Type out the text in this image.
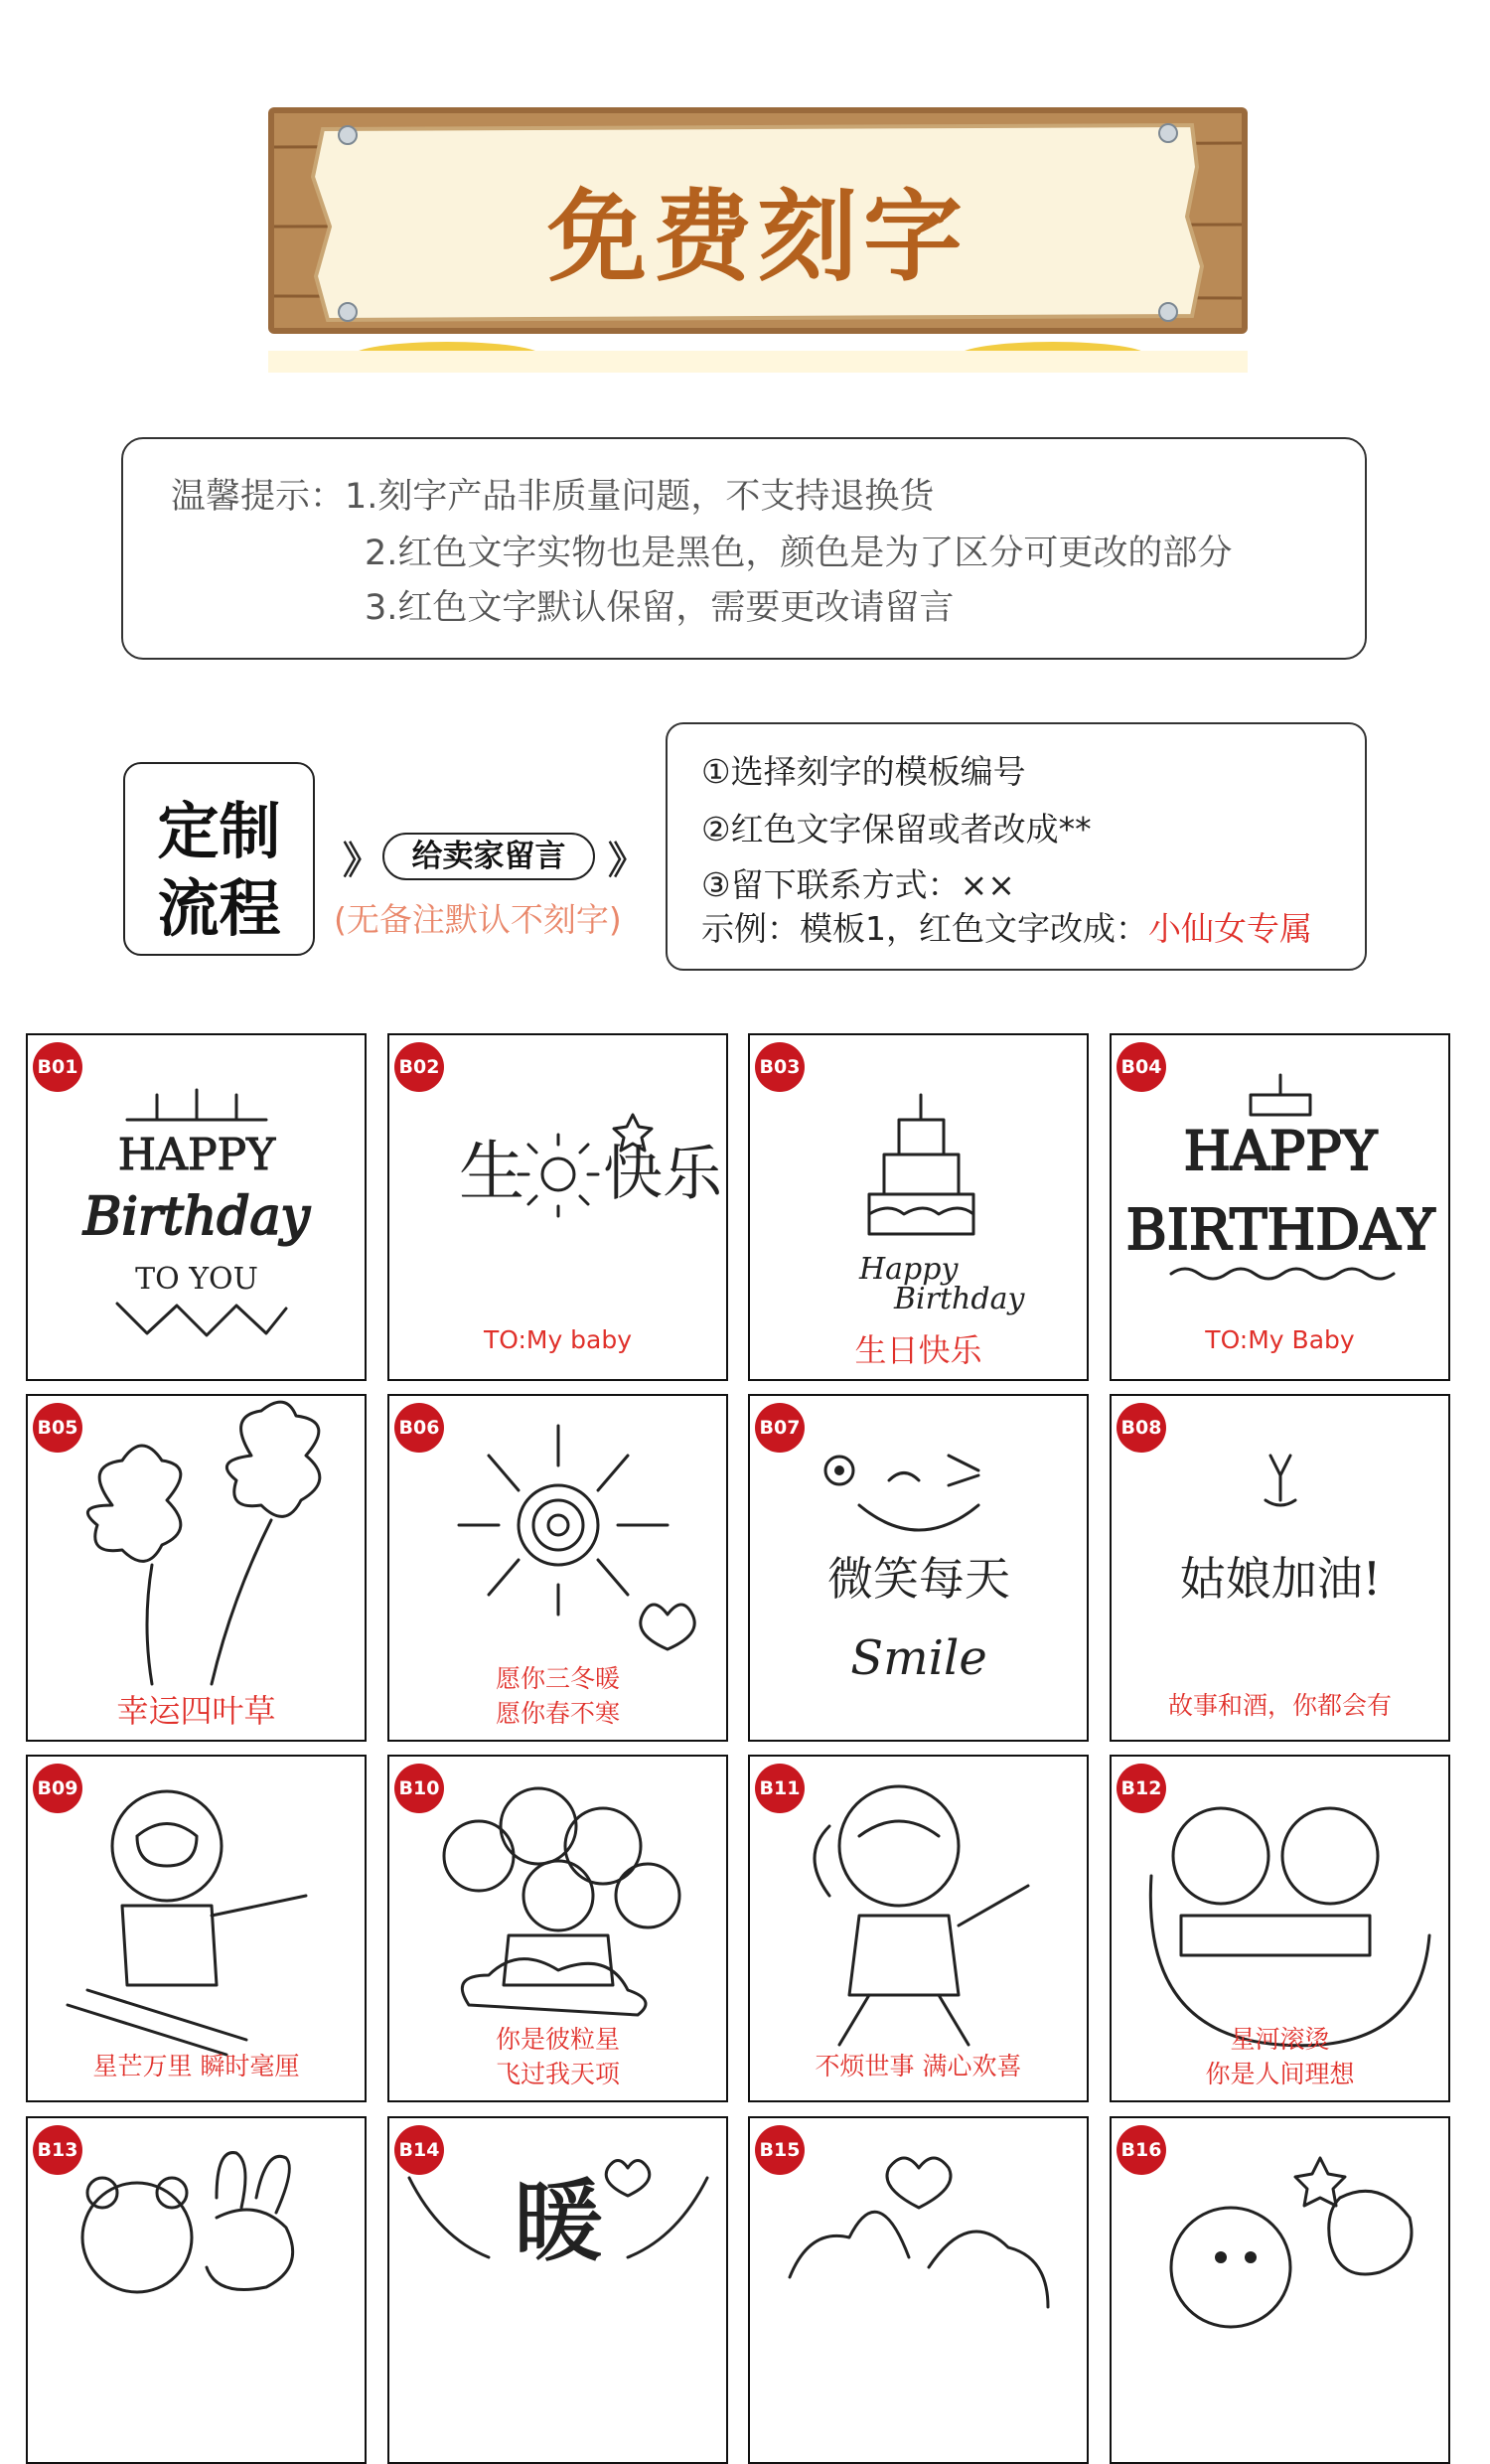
免费刻字
温馨提示：1.刻字产品非质量问题，不支持退换货
2.红色文字实物也是黑色，颜色是为了区分可更改的部分
3.红色文字默认保留，需要更改请留言
定制
流程
》	给卖家留言	》
(无备注默认不刻字)
①选择刻字的模板编号
②红色文字保留或者改成**
③留下联系方式：××
示例：模板1，红色文字改成：小仙女专属
HAPPY
Birthday
TO YOU
B01
生 快乐
B02
TO:My baby
Happy
Birthday
B03
生日快乐
HAPPY
BIRTHDAY
B04
TO:My Baby
B05
幸运四叶草
B06
愿你三冬暖
愿你春不寒
微笑每天
Smile
B07
姑娘加油!
B08
故事和酒，你都会有
B09
星芒万里 瞬时毫厘
B10
你是彼粒星
飞过我天项
B11
不烦世事 满心欢喜
B12
星河滚烫
你是人间理想
B13
暖
B14	B15	B16
